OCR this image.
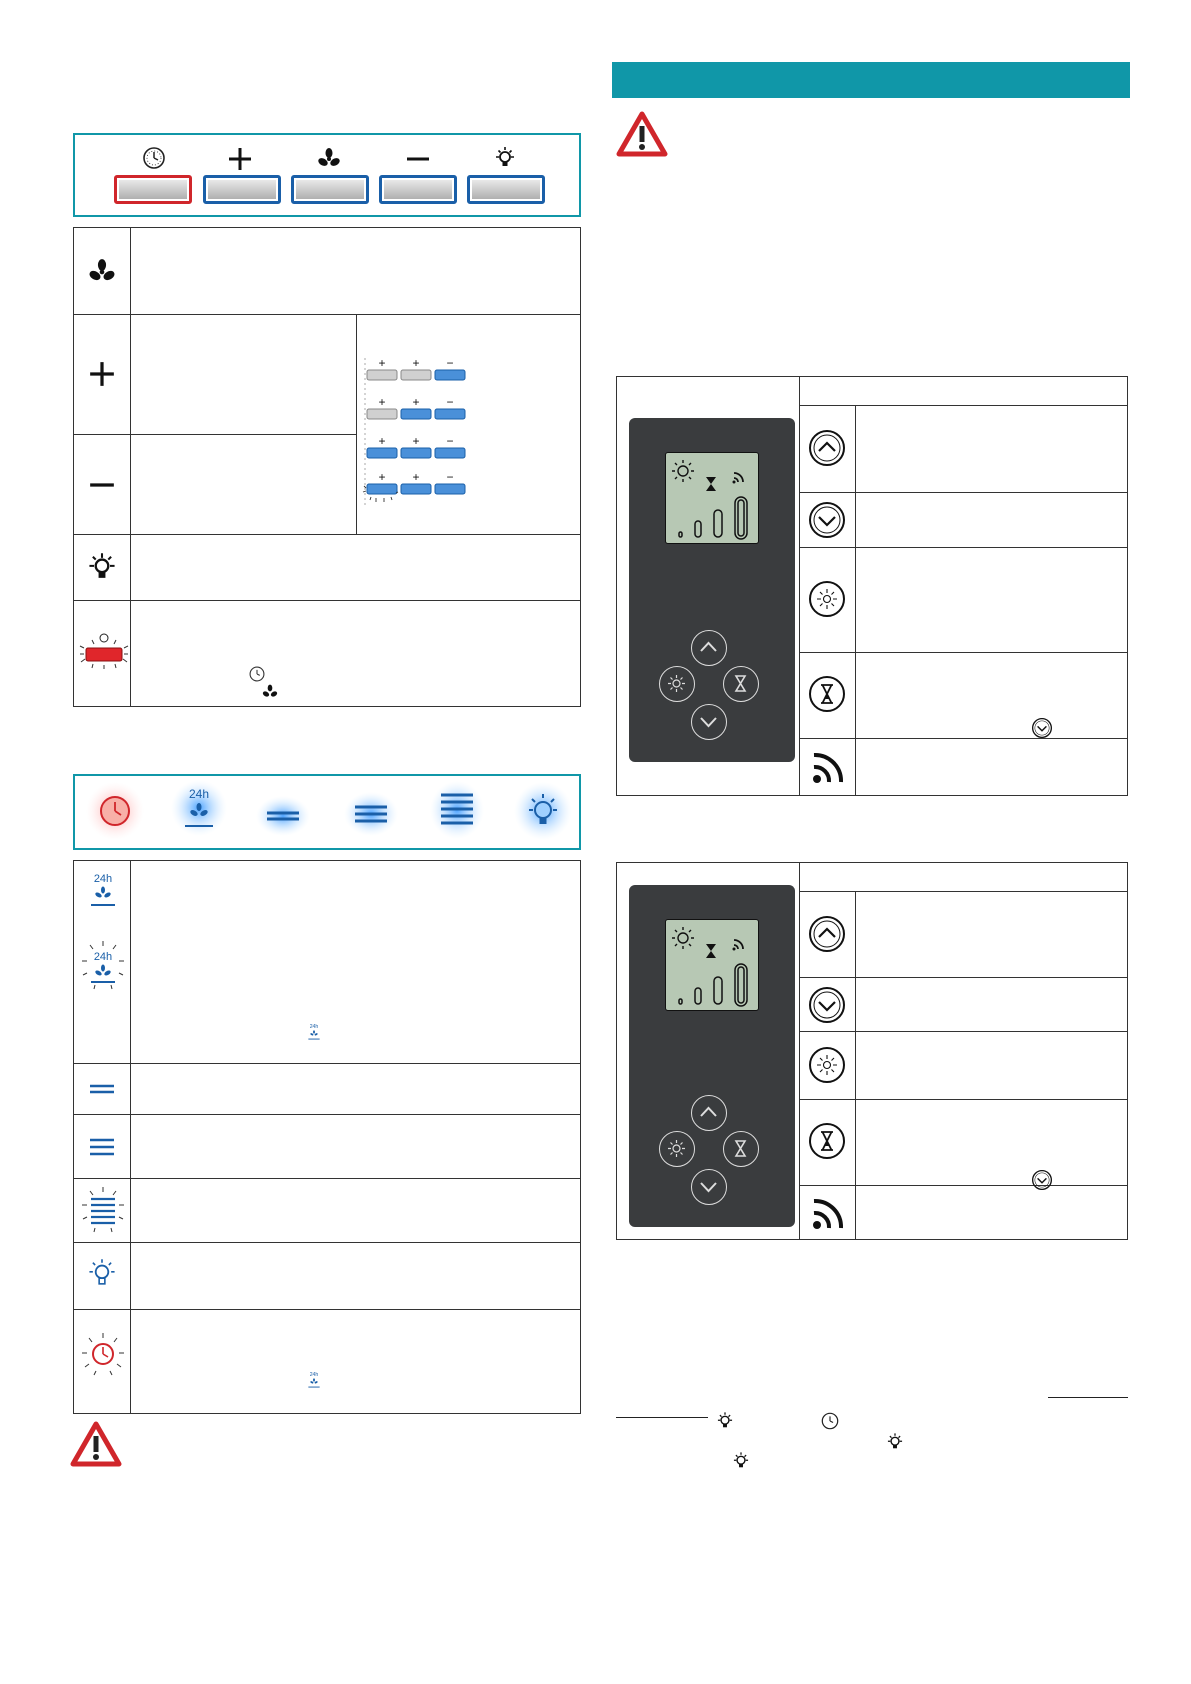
+ + −
+ + −
+ + −
+ + −
24h
24h
24h
24h
24h
